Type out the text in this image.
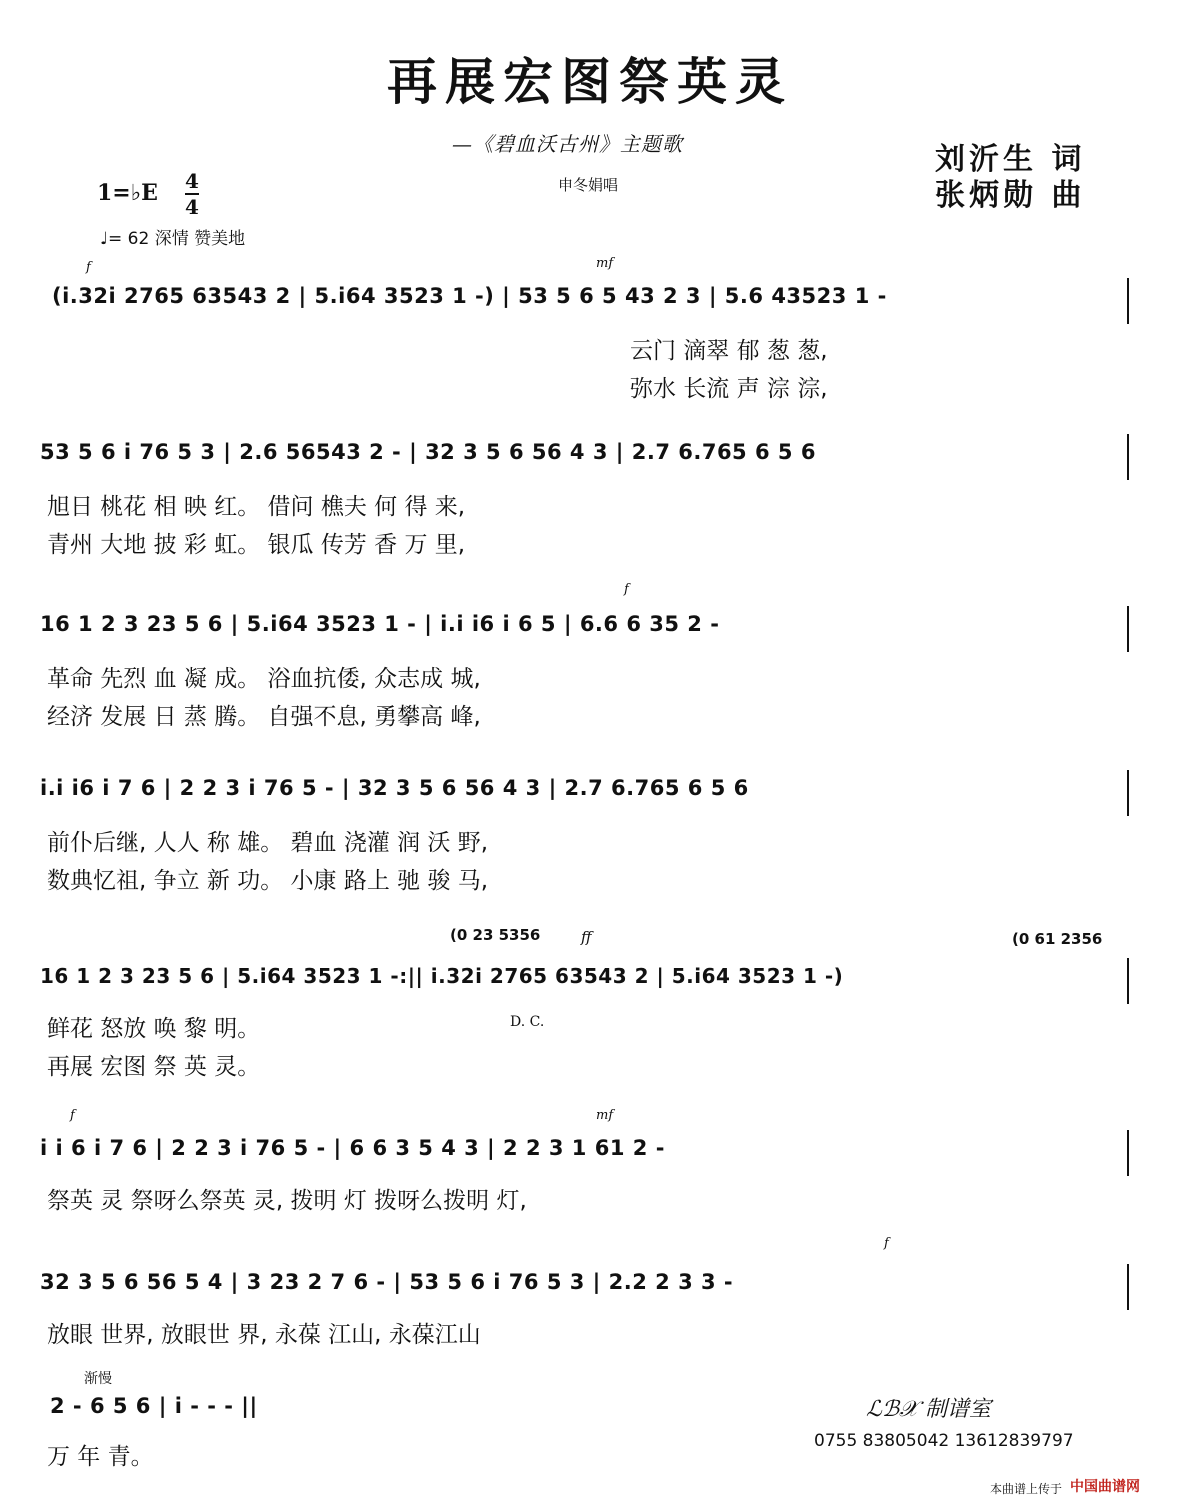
再展宏图祭英灵
—《碧血沃古州》主题歌
申冬娟唱
刘沂生 词
张炳勋 曲
1=♭E 4
4
♩= 62 深情 赞美地
f	mf
(i.32i 2765 63543 2 | 5.i64 3523 1 -) | 53 5 6 5 43 2 3 | 5.6 43523 1 -
云门 滴翠 郁 葱 葱,
弥水 长流 声 淙 淙,
53 5 6 i 76 5 3 | 2.6 56543 2 - | 32 3 5 6 56 4 3 | 2.7 6.765 6 5 6
旭日 桃花 相 映 红。 借问 樵夫 何 得 来,
青州 大地 披 彩 虹。 银瓜 传芳 香 万 里,
f
16 1 2 3 23 5 6 | 5.i64 3523 1 - | i.i i6 i 6 5 | 6.6 6 35 2 -
革命 先烈 血 凝 成。 浴血抗倭, 众志成 城,
经济 发展 日 蒸 腾。 自强不息, 勇攀高 峰,
i.i i6 i 7 6 | 2 2 3 i 76 5 - | 32 3 5 6 56 4 3 | 2.7 6.765 6 5 6
前仆后继, 人人 称 雄。 碧血 浇灌 润 沃 野,
数典忆祖, 争立 新 功。 小康 路上 驰 骏 马,
ff
(0 23 5356	(0 61 2356
16 1 2 3 23 5 6 | 5.i64 3523 1 -:|| i.32i 2765 63543 2 | 5.i64 3523 1 -)
鲜花 怒放 唤 黎 明。	D. C.
再展 宏图 祭 英 灵。
f	mf
i i 6 i 7 6 | 2 2 3 i 76 5 - | 6 6 3 5 4 3 | 2 2 3 1 61 2 -
祭英 灵 祭呀么祭英 灵, 拨明 灯 拨呀么拨明 灯,
f
32 3 5 6 56 5 4 | 3 23 2 7 6 - | 53 5 6 i 76 5 3 | 2.2 2 3 3 -
放眼 世界, 放眼世 界, 永葆 江山, 永葆江山
渐慢
2 - 6 5 6 | i - - - ||
万 年 青。
ℒℬ𝒳 制谱室
0755 83805042 13612839797
本曲谱上传于 中国曲谱网
